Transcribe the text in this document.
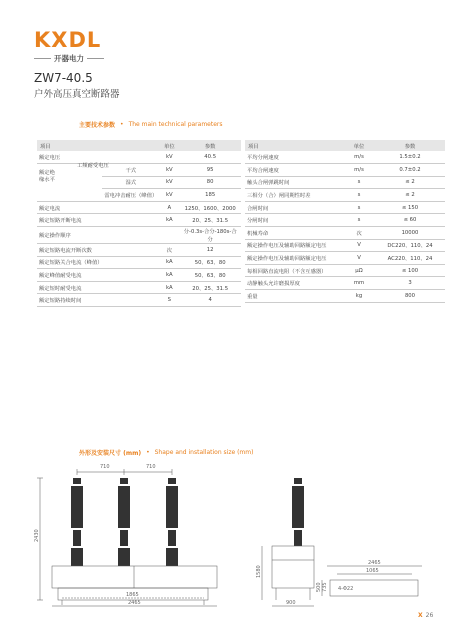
KXDL
开器电力
ZW7-40.5
户外高压真空断路器
主要技术参数 • The main technical parameters
项目		单位	参数
额定电压		kV	40.5

额定绝缘水平
工频耐受电压	干式	kV	95
	湿式	kV	80
	雷电冲击耐压（峰值）	kV	185
额定电流		A	1250、1600、2000
额定短路开断电流		kA	20、25、31.5
额定操作顺序			分-0.3s-合分-180s-合分
额定短路电流开断次数		次	12
额定短路关合电流（峰值）		kA	50、63、80
额定峰值耐受电流		kA	50、63、80
额定短时耐受电流		kA	20、25、31.5
额定短路持续时间		S	4
项目	单位	参数
平均分闸速度	m/s	1.5±0.2
平均合闸速度	m/s	0.7±0.2
触头合闸弹跳时间	s	≤ 2
三相分（合）闸同期性时差	s	≤ 2
合闸时间	s	≤ 150
分闸时间	s	≤ 60
机械寿命	次	10000
额定操作电压及辅助回路额定电压	V	DC220、110、24
额定操作电压及辅助回路额定电压	V	AC220、110、24
每相回路直流电阻（不含互感器）	μΩ	≤ 100
动静触头允许磨损厚度	mm	3
重量	kg	800
外形及安装尺寸 (mm) • Shape and installation size (mm)
710	710
2430
1865
2465
1580
900
2465
1065
500 735 4-Φ22
X 26
